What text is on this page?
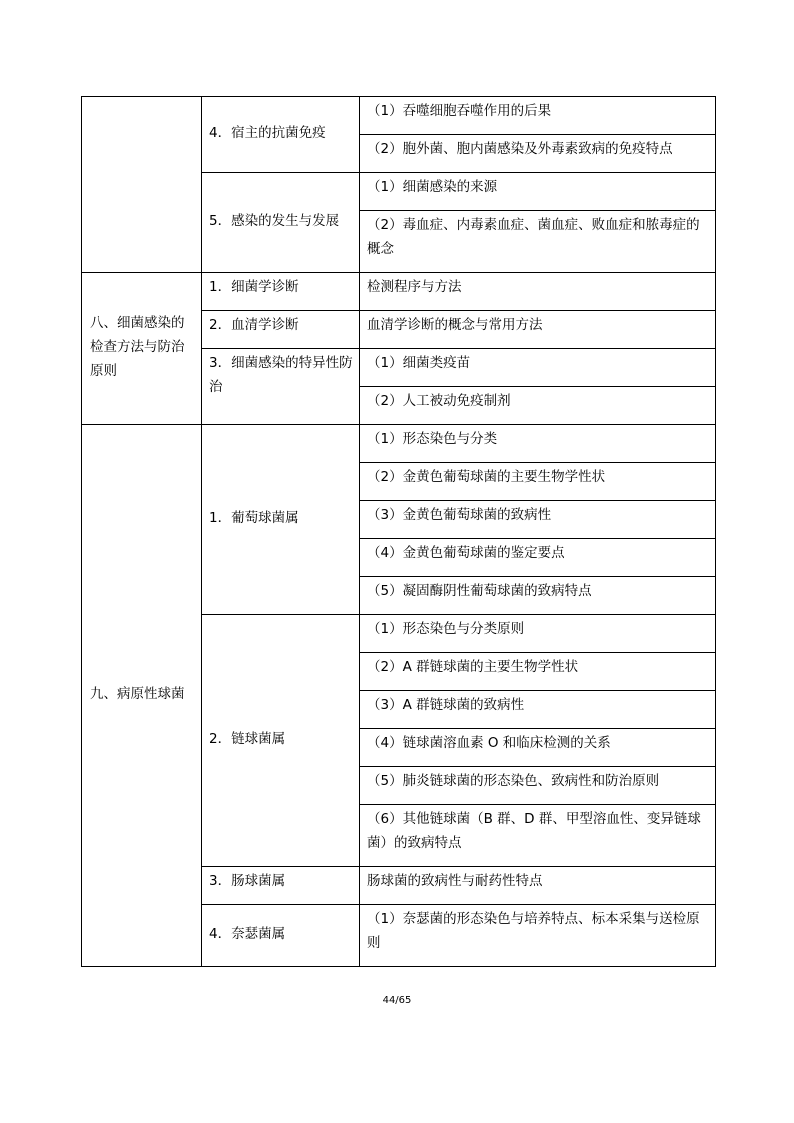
	4．宿主的抗菌免疫	（1）吞噬细胞吞噬作用的后果
		（2）胞外菌、胞内菌感染及外毒素致病的免疫特点
	5．感染的发生与发展	（1）细菌感染的来源
		（2）毒血症、内毒素血症、菌血症、败血症和脓毒症的概念
八、细菌感染的检查方法与防治原则	1．细菌学诊断	检测程序与方法
	2．血清学诊断	血清学诊断的概念与常用方法
	3．细菌感染的特异性防治	（1）细菌类疫苗
		（2）人工被动免疫制剂
九、病原性球菌	1．葡萄球菌属	（1）形态染色与分类
		（2）金黄色葡萄球菌的主要生物学性状
		（3）金黄色葡萄球菌的致病性
		（4）金黄色葡萄球菌的鉴定要点
		（5）凝固酶阴性葡萄球菌的致病特点
	2．链球菌属	（1）形态染色与分类原则
		（2）A 群链球菌的主要生物学性状
		（3）A 群链球菌的致病性
		（4）链球菌溶血素 O 和临床检测的关系
		（5）肺炎链球菌的形态染色、致病性和防治原则
		（6）其他链球菌（B 群、D 群、甲型溶血性、变异链球菌）的致病特点
	3．肠球菌属	肠球菌的致病性与耐药性特点
	4．奈瑟菌属	（1）奈瑟菌的形态染色与培养特点、标本采集与送检原则
44/65
